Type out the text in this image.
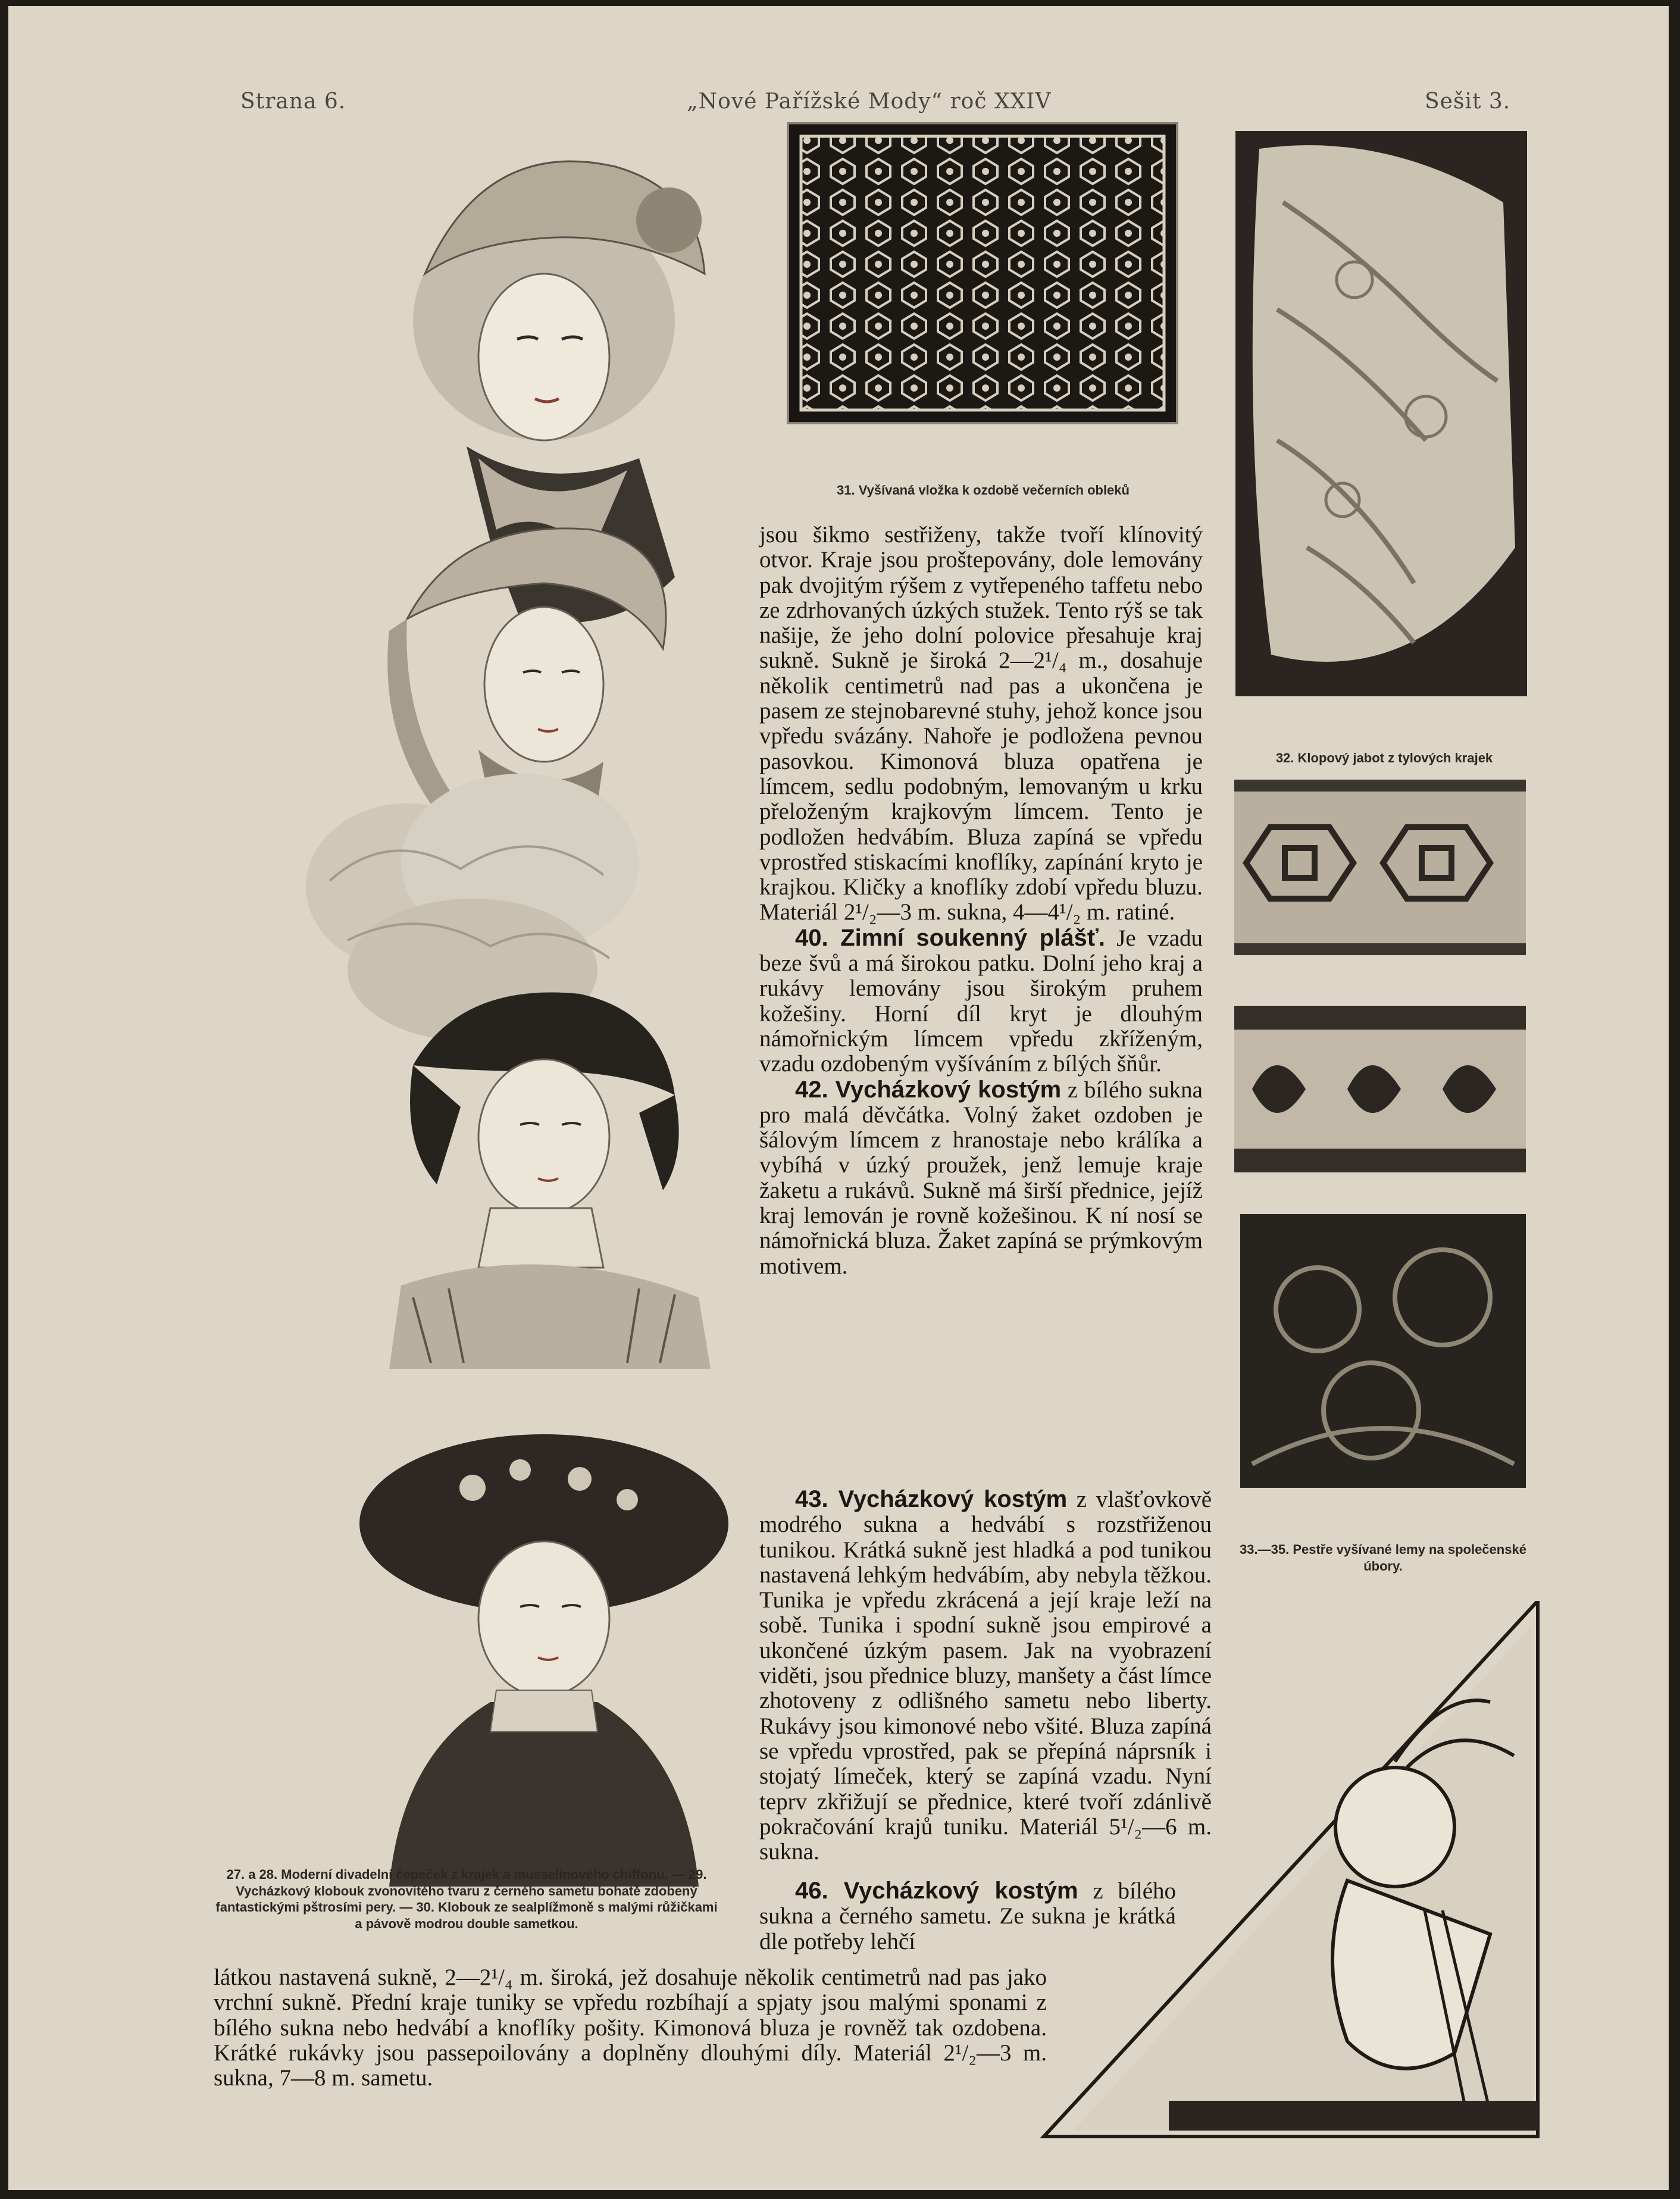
Strana 6.	„Nové Pařížské Mody“ roč XXIV	Sešit 3.
27. a 28. Moderní divadelní čepeček z krajek a musselinového chiffonu. — 29. Vycházkový klobouk zvonovitého tvaru z černého sametu bohatě zdobený fantastickými pštrosími pery. — 30. Klobouk ze sealplížmoně s malými růžičkami a pávově modrou double sametkou.
31. Vyšívaná vložka k ozdobě večerních obleků
32. Klopový jabot z tylových krajek
33.—35. Pestře vyšívané lemy na společenské úbory.

jsou šikmo sestřiženy, takže tvoří klínovitý otvor. Kraje jsou proštepovány, dole lemovány pak dvojitým rýšem z vytřepeného taffetu nebo ze zdrhovaných úzkých stužek. Tento rýš se tak našije, že jeho dolní polovice přesahuje kraj sukně. Sukně je široká 2—2¹/₄ m., dosahuje několik centimetrů nad pas a ukončena je pasem ze stejnobarevné stuhy, jehož konce jsou vpředu svázány. Nahoře je podložena pevnou pasovkou. Kimonová bluza opatřena je límcem, sedlu podobným, lemovaným u krku přeloženým krajkovým límcem. Tento je podložen hedvábím. Bluza zapíná se vpředu vprostřed stiskacími knoflíky, zapínání kryto je krajkou. Kličky a knoflíky zdobí vpředu bluzu. Materiál 2¹/₂—3 m. sukna, 4—4¹/₂ m. ratiné.

40. Zimní soukenný plášť. Je vzadu beze švů a má širokou patku. Dolní jeho kraj a rukávy lemovány jsou širokým pruhem kožešiny. Horní díl kryt je dlouhým námořnickým límcem vpředu zkříženým, vzadu ozdobeným vyšíváním z bílých šňůr.

42. Vycházkový kostým z bílého sukna pro malá děvčátka. Volný žaket ozdoben je šálovým límcem z hranostaje nebo králíka a vybíhá v úzký proužek, jenž lemuje kraje žaketu a rukávů. Sukně má širší přednice, jejíž kraj lemován je rovně kožešinou. K ní nosí se námořnická bluza. Žaket zapíná se prýmkovým motivem.

43. Vycházkový kostým z vlašťovkově modrého sukna a hedvábí s rozstřiženou tunikou. Krátká sukně jest hladká a pod tunikou nastavená lehkým hedvábím, aby nebyla těžkou. Tunika je vpředu zkrácená a její kraje leží na sobě. Tunika i spodní sukně jsou empirové a ukončené úzkým pasem. Jak na vyobrazení viděti, jsou přednice bluzy, manšety a část límce zhotoveny z odlišného sametu nebo liberty. Rukávy jsou kimonové nebo všité. Bluza zapíná se vpředu vprostřed, pak se přepíná náprsník i stojatý límeček, který se zapíná vzadu. Nyní teprv zkřižují se přednice, které tvoří zdánlivě pokračování krajů tuniku. Materiál 5¹/₂—6 m. sukna.

46. Vycházkový kostým z bílého sukna a černého sametu. Ze sukna je krátká dle potřeby lehčí

látkou nastavená sukně, 2—2¹/₄ m. široká, jež dosahuje několik centimetrů nad pas jako vrchní sukně. Přední kraje tuniky se vpředu rozbíhají a spjaty jsou malými sponami z bílého sukna nebo hedvábí a knoflíky pošity. Kimonová bluza je rovněž tak ozdobena. Krátké rukávky jsou passepoilovány a doplněny dlouhými díly. Materiál 2¹/₂—3 m. sukna, 7—8 m. sametu.
